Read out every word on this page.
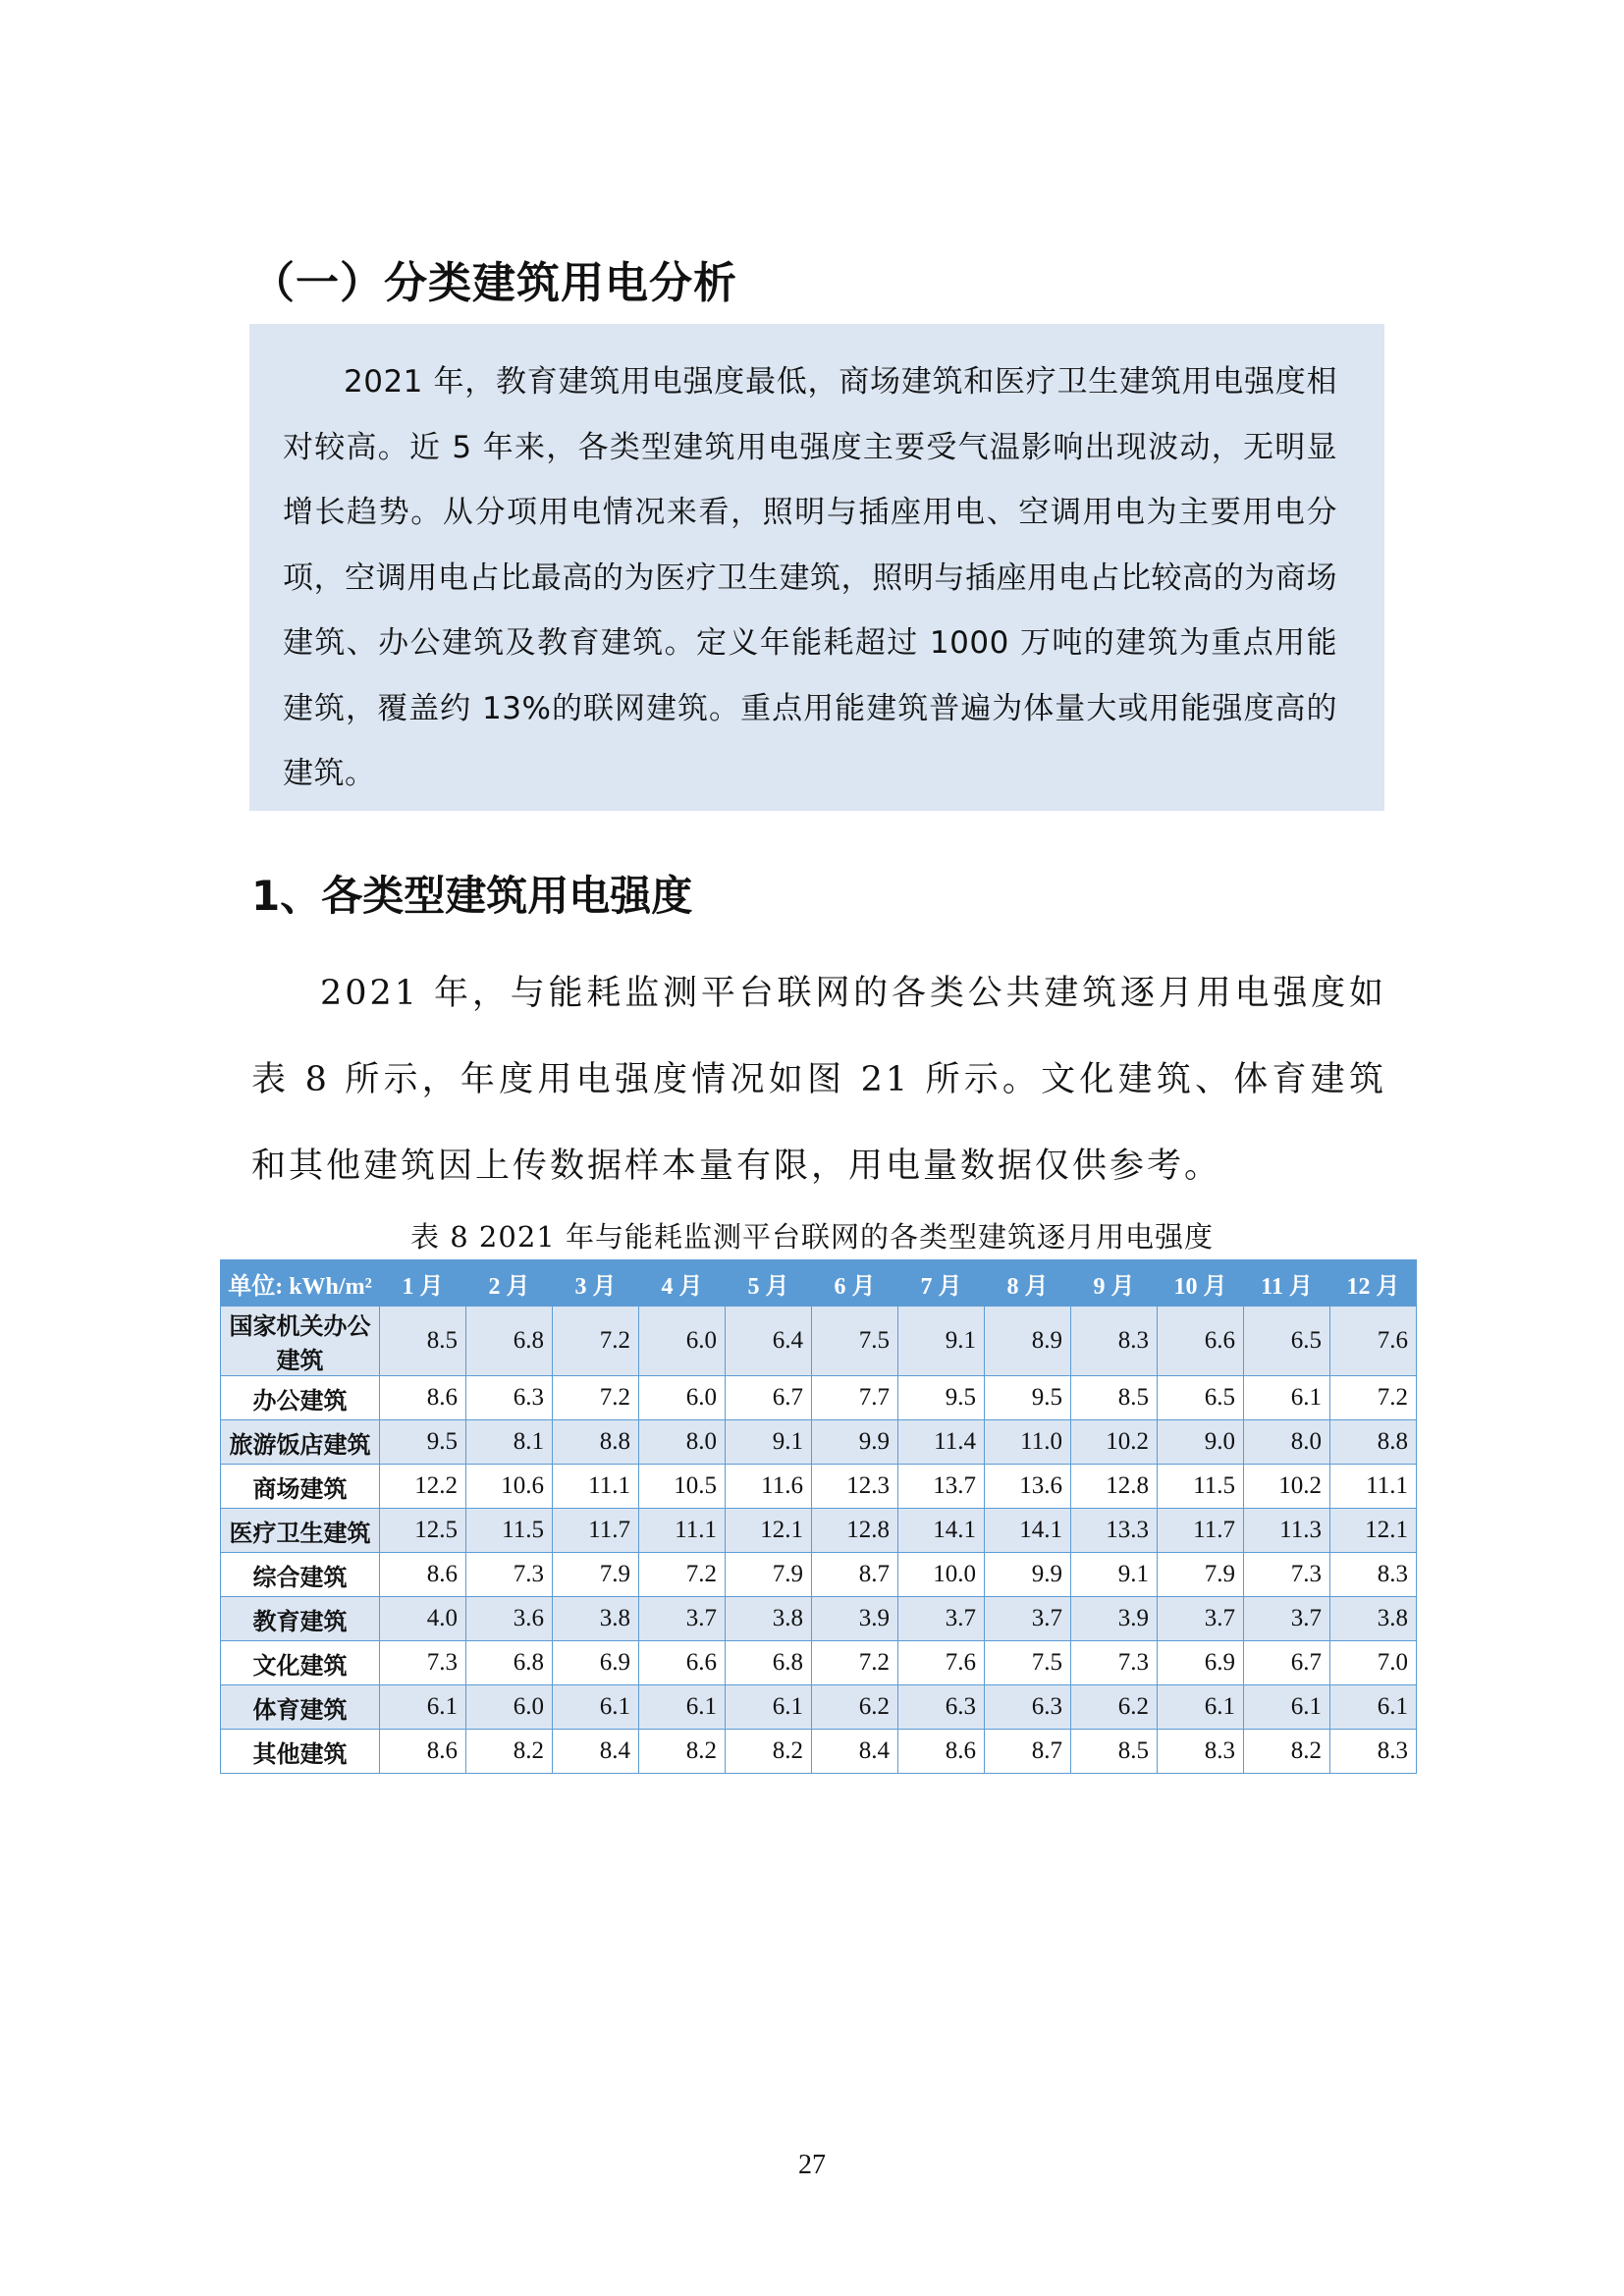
（一）分类建筑用电分析

2021 年，教育建筑用电强度最低，商场建筑和医疗卫生建筑用电强度相对较高。近 5 年来，各类型建筑用电强度主要受气温影响出现波动，无明显增长趋势。从分项用电情况来看，照明与插座用电、空调用电为主要用电分项，空调用电占比最高的为医疗卫生建筑，照明与插座用电占比较高的为商场建筑、办公建筑及教育建筑。定义年能耗超过 1000 万吨的建筑为重点用能建筑，覆盖约 13%的联网建筑。重点用能建筑普遍为体量大或用能强度高的建筑。

1、各类型建筑用电强度

2021 年，与能耗监测平台联网的各类公共建筑逐月用电强度如表 8 所示，年度用电强度情况如图 21 所示。文化建筑、体育建筑和其他建筑因上传数据样本量有限，用电量数据仅供参考。

表 8 2021 年与能耗监测平台联网的各类型建筑逐月用电强度

单位: kWh/m²	1 月	2 月	3 月	4 月	5 月	6 月	7 月	8 月	9 月	10 月	11 月	12 月
国家机关办公建筑	8.5	6.8	7.2	6.0	6.4	7.5	9.1	8.9	8.3	6.6	6.5	7.6
办公建筑	8.6	6.3	7.2	6.0	6.7	7.7	9.5	9.5	8.5	6.5	6.1	7.2
旅游饭店建筑	9.5	8.1	8.8	8.0	9.1	9.9	11.4	11.0	10.2	9.0	8.0	8.8
商场建筑	12.2	10.6	11.1	10.5	11.6	12.3	13.7	13.6	12.8	11.5	10.2	11.1
医疗卫生建筑	12.5	11.5	11.7	11.1	12.1	12.8	14.1	14.1	13.3	11.7	11.3	12.1
综合建筑	8.6	7.3	7.9	7.2	7.9	8.7	10.0	9.9	9.1	7.9	7.3	8.3
教育建筑	4.0	3.6	3.8	3.7	3.8	3.9	3.7	3.7	3.9	3.7	3.7	3.8
文化建筑	7.3	6.8	6.9	6.6	6.8	7.2	7.6	7.5	7.3	6.9	6.7	7.0
体育建筑	6.1	6.0	6.1	6.1	6.1	6.2	6.3	6.3	6.2	6.1	6.1	6.1
其他建筑	8.6	8.2	8.4	8.2	8.2	8.4	8.6	8.7	8.5	8.3	8.2	8.3

27
